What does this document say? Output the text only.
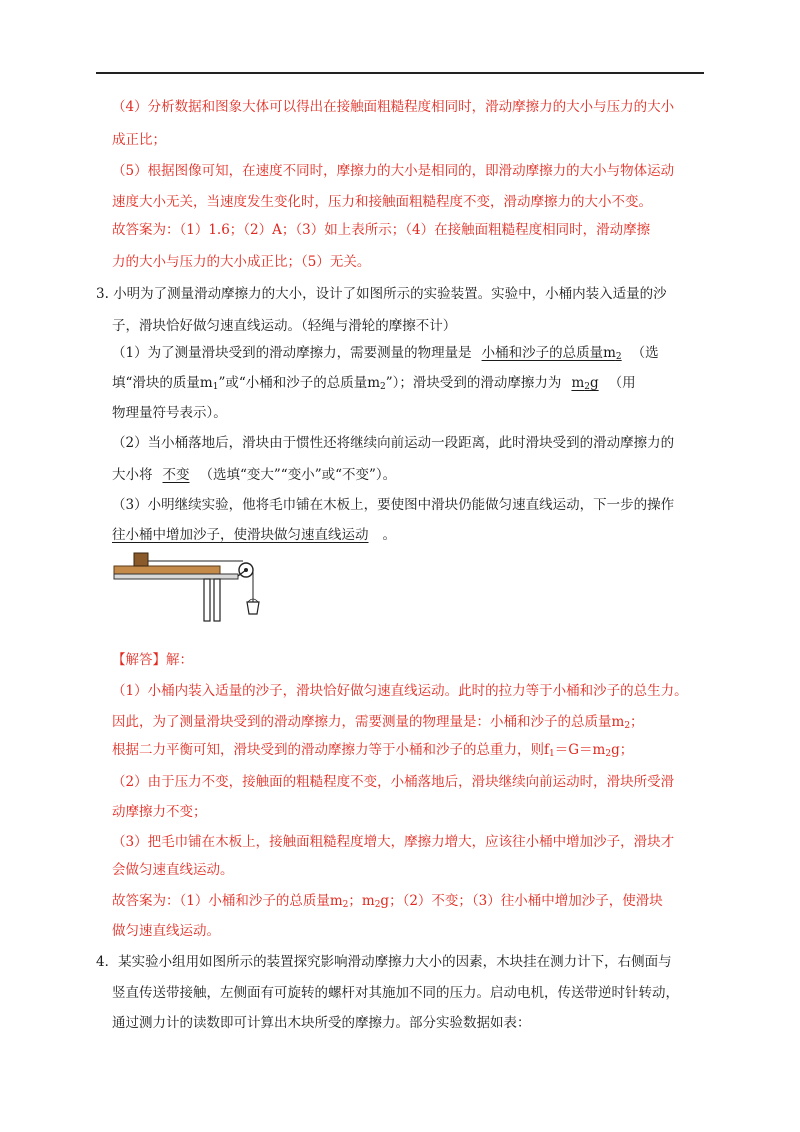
（4）分析数据和图象大体可以得出在接触面粗糙程度相同时，滑动摩擦力的大小与压力的大小
成正比；
（5）根据图像可知，在速度不同时，摩擦力的大小是相同的，即滑动摩擦力的大小与物体运动
速度大小无关，当速度发生变化时，压力和接触面粗糙程度不变，滑动摩擦力的大小不变。
故答案为：（1）1.6；（2）A；（3）如上表所示；（4）在接触面粗糙程度相同时，滑动摩擦
力的大小与压力的大小成正比；（5）无关。
3. 小明为了测量滑动摩擦力的大小，设计了如图所示的实验装置。实验中，小桶内装入适量的沙
子，滑块恰好做匀速直线运动。（轻绳与滑轮的摩擦不计）
（1）为了测量滑块受到的滑动摩擦力，需要测量的物理量是 小桶和沙子的总质量$m_2$ （选
填“滑块的质量$m_1$”或“小桶和沙子的总质量$m_2$”）；滑块受到的滑动摩擦力为 $m_2g$ （用
物理量符号表示）。
（2）当小桶落地后，滑块由于惯性还将继续向前运动一段距离，此时滑块受到的滑动摩擦力的
大小将 不变 （选填“变大”“变小”或“不变”）。
（3）小明继续实验，他将毛巾铺在木板上，要使图中滑块仍能做匀速直线运动，下一步的操作
往小桶中增加沙子，使滑块做匀速直线运动 。
【解答】解：
（1）小桶内装入适量的沙子，滑块恰好做匀速直线运动。此时的拉力等于小桶和沙子的总生力。
因此，为了测量滑块受到的滑动摩擦力，需要测量的物理量是：小桶和沙子的总质量$m_2$；
根据二力平衡可知，滑块受到的滑动摩擦力等于小桶和沙子的总重力，则$f_1=G=m_2g$；
（2）由于压力不变，接触面的粗糙程度不变，小桶落地后，滑块继续向前运动时，滑块所受滑
动摩擦力不变；
（3）把毛巾铺在木板上，接触面粗糙程度增大，摩擦力增大，应该往小桶中增加沙子，滑块才
会做匀速直线运动。
故答案为：（1）小桶和沙子的总质量$m_2$；$m_2g$；（2）不变；（3）往小桶中增加沙子，使滑块
做匀速直线运动。
4．某实验小组用如图所示的装置探究影响滑动摩擦力大小的因素，木块挂在测力计下，右侧面与
竖直传送带接触，左侧面有可旋转的螺杆对其施加不同的压力。启动电机，传送带逆时针转动，
通过测力计的读数即可计算出木块所受的摩擦力。部分实验数据如表：
